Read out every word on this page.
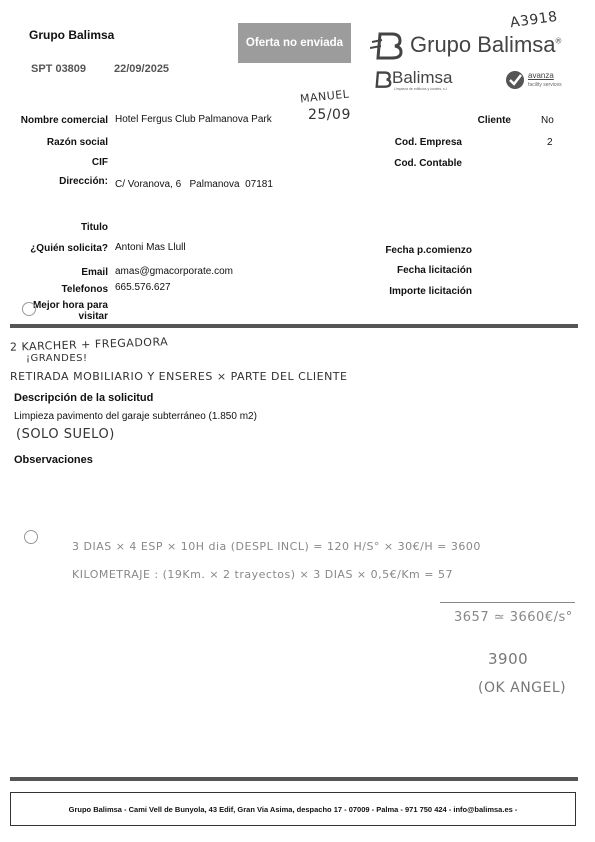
Grupo Balimsa
SPT 03809	22/09/2025
Oferta no enviada	Grupo Balimsa®
Balimsa
Limpieza de edificios y locales, s.l.
avanza
facility services
A3918
MANUEL
25/09
Nombre comercial Hotel Fergus Club Palmanova Park
Razón social
CIF
Dirección: C/ Voranova, 6   Palmanova  07181
Titulo
¿Quién solicita? Antoni Mas Llull
Email amas@gmacorporate.com
Telefonos 665.576.627
Mejor hora para visitar
Cliente	No
Cod. Empresa	2
Cod. Contable
Fecha p.comienzo
Fecha licitación
Importe licitación
2 KARCHER + FREGADORA
¡GRANDES!
RETIRADA MOBILIARIO Y ENSERES × PARTE DEL CLIENTE
Descripción de la solicitud
Limpieza pavimento del garaje subterráneo (1.850 m2)
(SOLO SUELO)
Observaciones
3 DIAS × 4 ESP × 10H dia (DESPL INCL) = 120 H/S° × 30€/H = 3600
KILOMETRAJE : (19Km. × 2 trayectos) × 3 DIAS × 0,5€/Km = 57
3657 ≃ 3660€/s°
3900
(OK ANGEL)
Grupo Balimsa - Cami Vell de Bunyola, 43 Edif, Gran Via Asima, despacho 17 - 07009 - Palma - 971 750 424 - info@balimsa.es -
